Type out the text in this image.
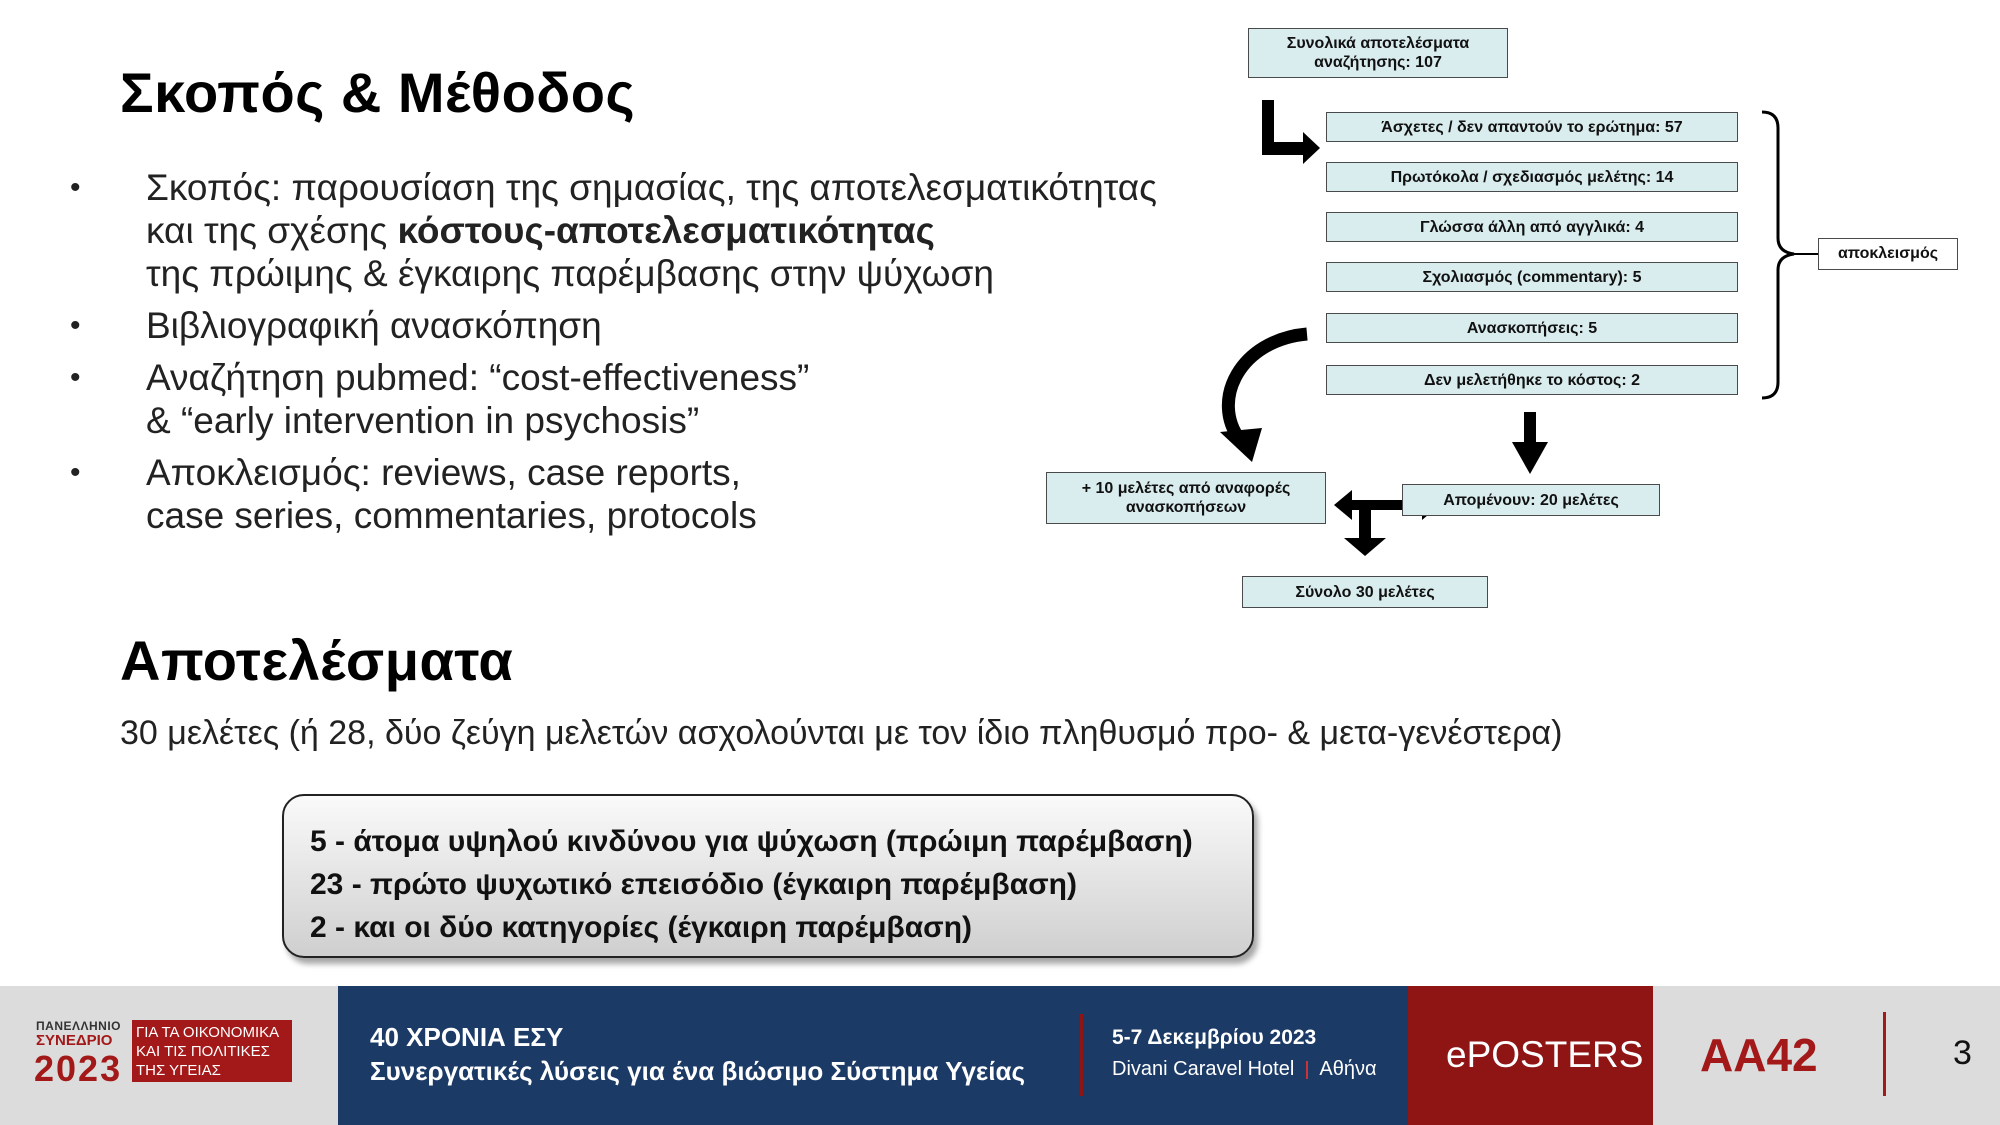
Σκοπός & Μέθοδος
• Σκοπός: παρουσίαση της σημασίας, της αποτελεσματικότητας
και της σχέσης κόστους-αποτελεσματικότητας
της πρώιμης & έγκαιρης παρέμβασης στην ψύχωση
• Βιβλιογραφική ανασκόπηση
• Αναζήτηση pubmed: “cost-effectiveness”
& “early intervention in psychosis”
• Αποκλεισμός: reviews, case reports,
case series, commentaries, protocols
Αποτελέσματα
30 μελέτες (ή 28, δύο ζεύγη μελετών ασχολούνται με τον ίδιο πληθυσμό προ- & μετα-γενέστερα)
5 - άτομα υψηλού κινδύνου για ψύχωση (πρώιμη παρέμβαση)
23 - πρώτο ψυχωτικό επεισόδιο (έγκαιρη παρέμβαση)
2 - και οι δύο κατηγορίες (έγκαιρη παρέμβαση)
Συνολικά αποτελέσματα
αναζήτησης: 107
Άσχετες / δεν απαντούν το ερώτημα: 57
Πρωτόκολα / σχεδιασμός μελέτης: 14
Γλώσσα άλλη από αγγλικά: 4
Σχολιασμός (commentary): 5
Ανασκοπήσεις: 5
Δεν μελετήθηκε το κόστος: 2
αποκλεισμός
Απομένουν: 20 μελέτες
+ 10 μελέτες από αναφορές
ανασκοπήσεων
Σύνολο 30 μελέτες
ΠΑΝΕΛΛΗΝΙΟ
ΣΥΝΕΔΡΙΟ
2023
ΓΙΑ ΤΑ ΟΙΚΟΝΟΜΙΚΑ
ΚΑΙ ΤΙΣ ΠΟΛΙΤΙΚΕΣ
ΤΗΣ ΥΓΕΙΑΣ
40 ΧΡΟΝΙΑ ΕΣΥ
Συνεργατικές λύσεις για ένα βιώσιμο Σύστημα Υγείας
5-7 Δεκεμβρίου 2023
Divani Caravel Hotel Αθήνα ePOSTERS AA42	3
